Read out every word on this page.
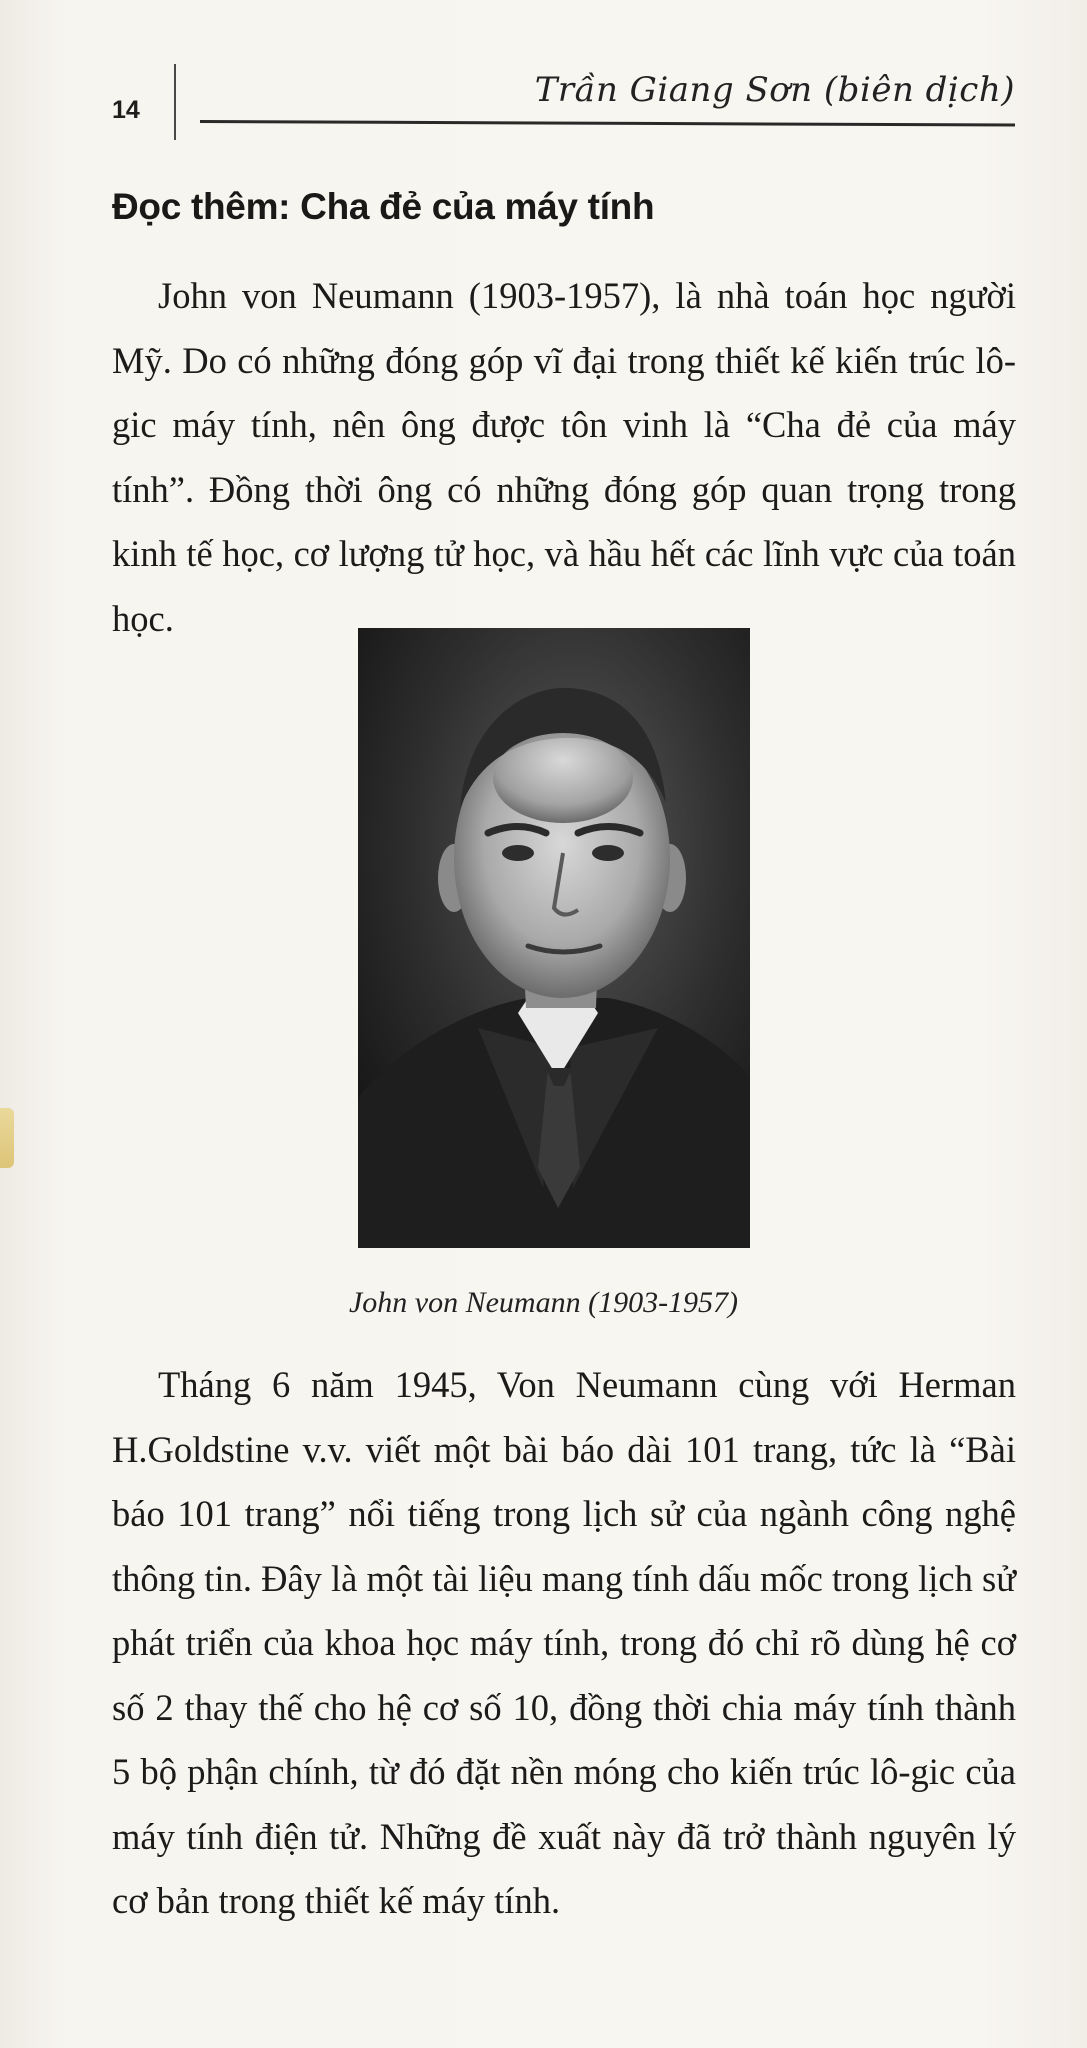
14	Trần Giang Sơn (biên dịch)
Đọc thêm: Cha đẻ của máy tính

John von Neumann (1903-1957), là nhà toán học người Mỹ. Do có những đóng góp vĩ đại trong thiết kế kiến trúc lô-gic máy tính, nên ông được tôn vinh là “Cha đẻ của máy tính”. Đồng thời ông có những đóng góp quan trọng trong kinh tế học, cơ lượng tử học, và hầu hết các lĩnh vực của toán học.

John von Neumann (1903-1957)

Tháng 6 năm 1945, Von Neumann cùng với Herman H.Goldstine v.v. viết một bài báo dài 101 trang, tức là “Bài báo 101 trang” nổi tiếng trong lịch sử của ngành công nghệ thông tin. Đây là một tài liệu mang tính dấu mốc trong lịch sử phát triển của khoa học máy tính, trong đó chỉ rõ dùng hệ cơ số 2 thay thế cho hệ cơ số 10, đồng thời chia máy tính thành 5 bộ phận chính, từ đó đặt nền móng cho kiến trúc lô-gic của máy tính điện tử. Những đề xuất này đã trở thành nguyên lý cơ bản trong thiết kế máy tính.
